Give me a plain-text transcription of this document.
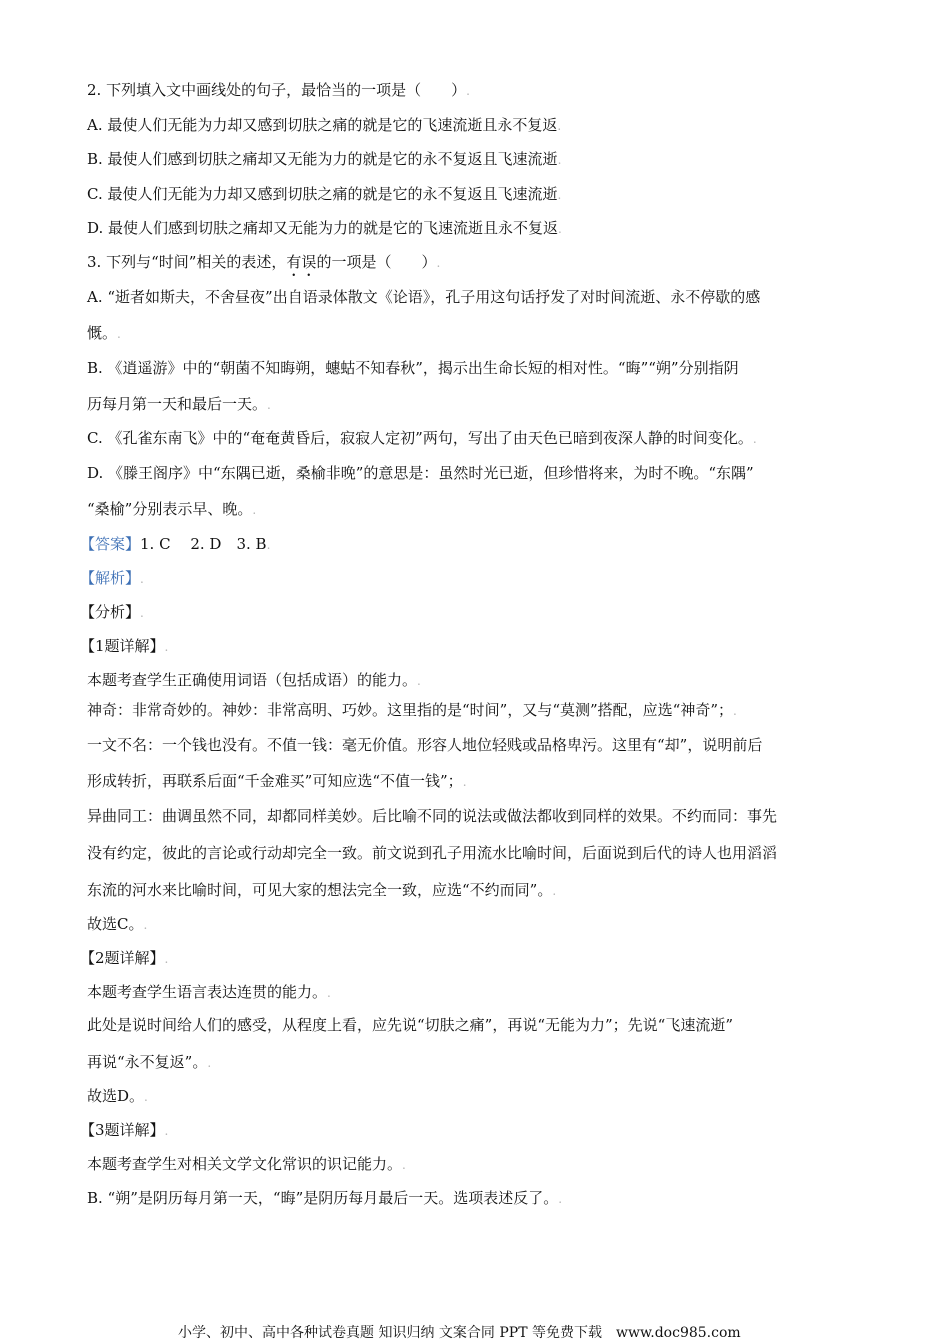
2. 下列填入文中画线处的句子，最恰当的一项是（　　）.
A. 最使人们无能为力却又感到切肤之痛的就是它的飞速流逝且永不复返.
B. 最使人们感到切肤之痛却又无能为力的就是它的永不复返且飞速流逝.
C. 最使人们无能为力却又感到切肤之痛的就是它的永不复返且飞速流逝.
D. 最使人们感到切肤之痛却又无能为力的就是它的飞速流逝且永不复返.
3. 下列与“时间”相关的表述，有误的一项是（　　）.
A. “逝者如斯夫，不舍昼夜”出自语录体散文《论语》，孔子用这句话抒发了对时间流逝、永不停歇的感
慨。.
B. 《逍遥游》中的“朝菌不知晦朔，蟪蛄不知春秋”，揭示出生命长短的相对性。“晦”“朔”分别指阴
历每月第一天和最后一天。.
C. 《孔雀东南飞》中的“奄奄黄昏后，寂寂人定初”两句，写出了由天色已暗到夜深人静的时间变化。.
D. 《滕王阁序》中“东隅已逝，桑榆非晚”的意思是：虽然时光已逝，但珍惜将来，为时不晚。“东隅”
“桑榆”分别表示早、晚。.
【答案】1. C　 2. D　3. B.
【解析】.
【分析】.
【1题详解】.
本题考查学生正确使用词语（包括成语）的能力。.
神奇：非常奇妙的。神妙：非常高明、巧妙。这里指的是“时间”，又与“莫测”搭配，应选“神奇”；.
一文不名：一个钱也没有。不值一钱：毫无价值。形容人地位轻贱或品格卑污。这里有“却”，说明前后
形成转折，再联系后面“千金难买”可知应选“不值一钱”；.
异曲同工：曲调虽然不同，却都同样美妙。后比喻不同的说法或做法都收到同样的效果。不约而同：事先
没有约定，彼此的言论或行动却完全一致。前文说到孔子用流水比喻时间，后面说到后代的诗人也用滔滔
东流的河水来比喻时间，可见大家的想法完全一致，应选“不约而同”。.
故选C。.
【2题详解】.
本题考查学生语言表达连贯的能力。.
此处是说时间给人们的感受，从程度上看，应先说“切肤之痛”，再说“无能为力”；先说“飞速流逝”
再说“永不复返”。.
故选D。.
【3题详解】.
本题考查学生对相关文学文化常识的识记能力。.
B. “朔”是阴历每月第一天，“晦”是阴历每月最后一天。选项表述反了。.
小学、初中、高中各种试卷真题 知识归纳 文案合同 PPT 等免费下载　www.doc985.com
